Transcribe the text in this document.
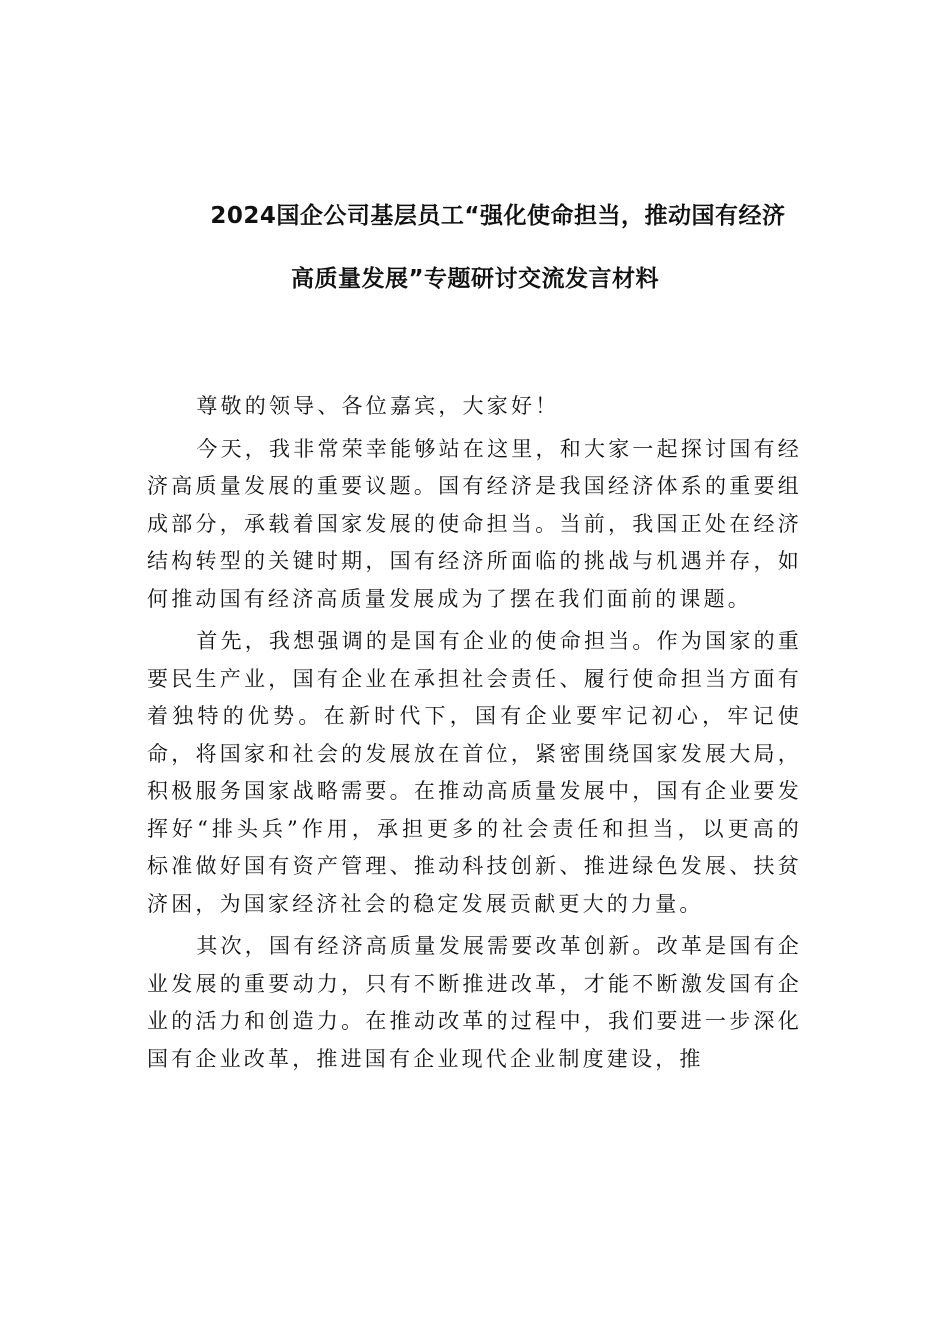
2024国企公司基层员工“强化使命担当，推动国有经济
高质量发展”专题研讨交流发言材料

尊敬的领导、各位嘉宾，大家好！

今天，我非常荣幸能够站在这里，和大家一起探讨国有经济高质量发展的重要议题。国有经济是我国经济体系的重要组成部分，承载着国家发展的使命担当。当前，我国正处在经济结构转型的关键时期，国有经济所面临的挑战与机遇并存，如何推动国有经济高质量发展成为了摆在我们面前的课题。

首先，我想强调的是国有企业的使命担当。作为国家的重要民生产业，国有企业在承担社会责任、履行使命担当方面有着独特的优势。在新时代下，国有企业要牢记初心，牢记使命，将国家和社会的发展放在首位，紧密围绕国家发展大局，积极服务国家战略需要。在推动高质量发展中，国有企业要发挥好“排头兵”作用，承担更多的社会责任和担当，以更高的标准做好国有资产管理、推动科技创新、推进绿色发展、扶贫济困，为国家经济社会的稳定发展贡献更大的力量。

其次，国有经济高质量发展需要改革创新。改革是国有企业发展的重要动力，只有不断推进改革，才能不断激发国有企业的活力和创造力。在推动改革的过程中，我们要进一步深化国有企业改革，推进国有企业现代企业制度建设，推
